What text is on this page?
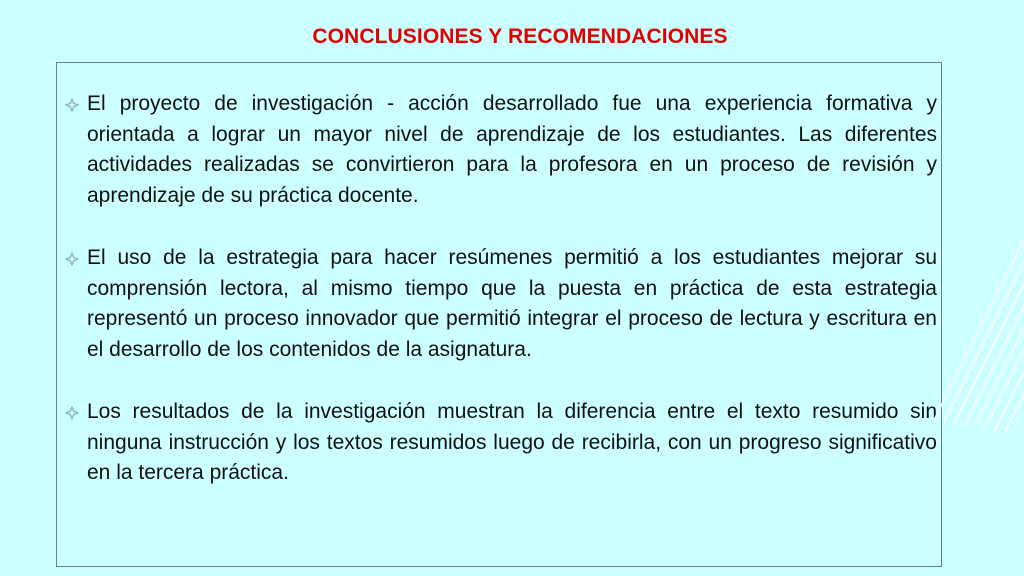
CONCLUSIONES Y RECOMENDACIONES
El proyecto de investigación - acción desarrollado fue una experiencia formativa y orientada a lograr un mayor nivel de aprendizaje de los estudiantes. Las diferentes actividades realizadas se convirtieron para la profesora en un proceso de revisión y aprendizaje de su práctica docente.
El uso de la estrategia para hacer resúmenes permitió a los estudiantes mejorar su comprensión lectora, al mismo tiempo que la puesta en práctica de esta estrategia representó un proceso innovador que permitió integrar el proceso de lectura y escritura en el desarrollo de los contenidos de la asignatura.
Los resultados de la investigación muestran la diferencia entre el texto resumido sin ninguna instrucción y los textos resumidos luego de recibirla, con un progreso significativo en la tercera práctica.
